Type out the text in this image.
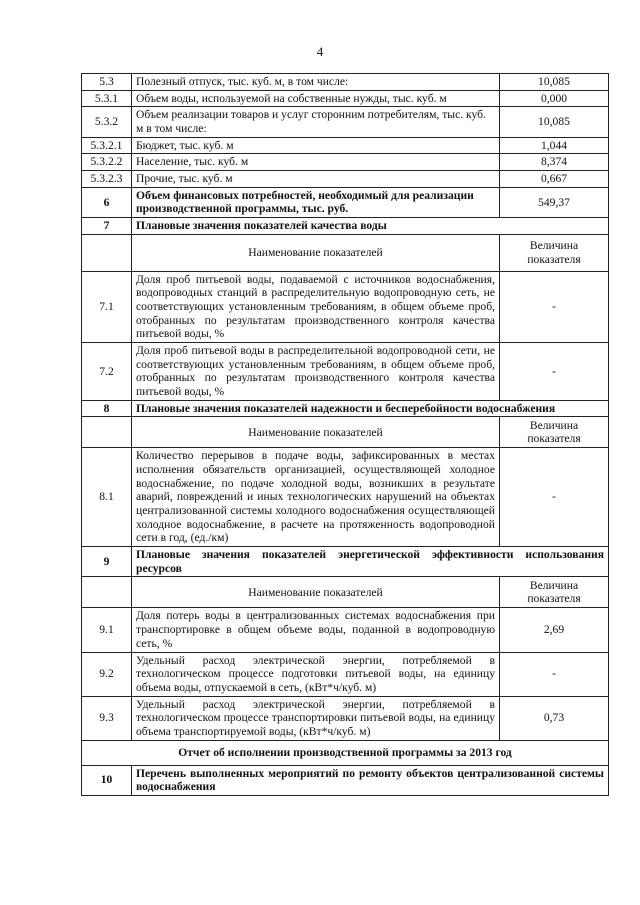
4
5.3	Полезный отпуск, тыс. куб. м, в том числе:	10,085
5.3.1	Объем воды, используемой на собственные нужды, тыс. куб. м	0,000
5.3.2	Объем реализации товаров и услуг сторонним потребителям, тыс. куб. м в том числе:	10,085
5.3.2.1	Бюджет, тыс. куб. м	1,044
5.3.2.2	Население, тыс. куб. м	8,374
5.3.2.3	Прочие, тыс. куб. м	0,667
6	Объем финансовых потребностей, необходимый для реализации производственной программы, тыс. руб.	549,37
7	Плановые значения показателей качества воды	
	Наименование показателей	Величина показателя
7.1	Доля проб питьевой воды, подаваемой с источников водоснабжения, водопроводных станций в распределительную водопроводную сеть, не соответствующих установленным требованиям, в общем объеме проб, отобранных по результатам производственного контроля качества питьевой воды, %	-
7.2	Доля проб питьевой воды в распределительной водопроводной сети, не соответствующих установленным требованиям, в общем объеме проб, отобранных по результатам производственного контроля качества питьевой воды, %	-
8	Плановые значения показателей надежности и бесперебойности водоснабжения	
	Наименование показателей	Величина показателя
8.1	Количество перерывов в подаче воды, зафиксированных в местах исполнения обязательств организацией, осуществляющей холодное водоснабжение, по подаче холодной воды, возникших в результате аварий, повреждений и иных технологических нарушений на объектах централизованной системы холодного водоснабжения осуществляющей холодное водоснабжение, в расчете на протяженность водопроводной сети в год, (ед./км)	-
9	Плановые значения показателей энергетической эффективности использования ресурсов	
	Наименование показателей	Величина показателя
9.1	Доля потерь воды в централизованных системах водоснабжения при транспортировке в общем объеме воды, поданной в водопроводную сеть, %	2,69
9.2	Удельный расход электрической энергии, потребляемой в технологическом процессе подготовки питьевой воды, на единицу объема воды, отпускаемой в сеть, (кВт*ч/куб. м)	-
9.3	Удельный расход электрической энергии, потребляемой в технологическом процессе транспортировки питьевой воды, на единицу объема транспортируемой воды, (кВт*ч/куб. м)	0,73
Отчет об исполнении производственной программы за 2013 год		
10	Перечень выполненных мероприятий по ремонту объектов централизованной системы водоснабжения	
